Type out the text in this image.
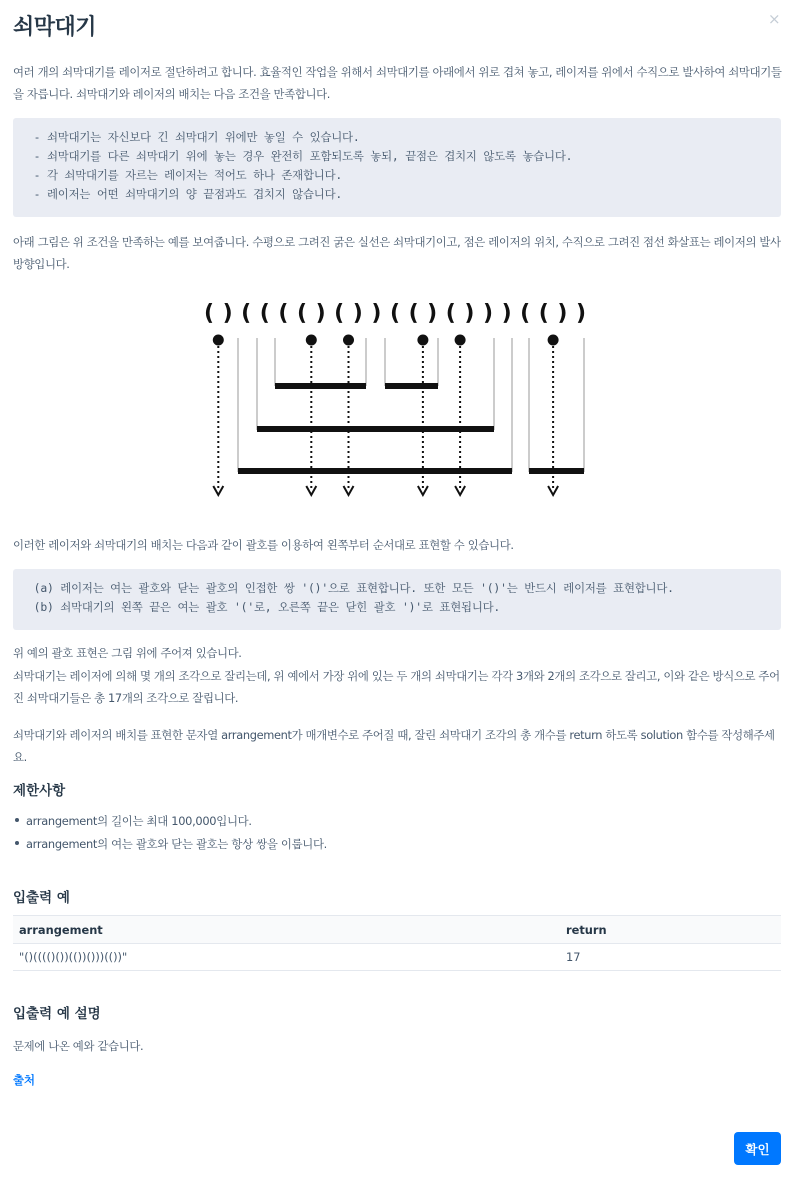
쇠막대기	×
여러 개의 쇠막대기를 레이저로 절단하려고 합니다. 효율적인 작업을 위해서 쇠막대기를 아래에서 위로 겹쳐 놓고, 레이저를 위에서 수직으로 발사하여 쇠막대기들을 자릅니다. 쇠막대기와 레이저의 배치는 다음 조건을 만족합니다.
- 쇠막대기는 자신보다 긴 쇠막대기 위에만 놓일 수 있습니다.
- 쇠막대기를 다른 쇠막대기 위에 놓는 경우 완전히 포함되도록 놓되, 끝점은 겹치지 않도록 놓습니다.
- 각 쇠막대기를 자르는 레이저는 적어도 하나 존재합니다.
- 레이저는 어떤 쇠막대기의 양 끝점과도 겹치지 않습니다.
아래 그림은 위 조건을 만족하는 예를 보여줍니다. 수평으로 그려진 굵은 실선은 쇠막대기이고, 점은 레이저의 위치, 수직으로 그려진 점선 화살표는 레이저의 발사 방향입니다.
( ) ( ( ( ( ) ( ) ) ( ( ) ( ) ) ) ( ( ) )
이러한 레이저와 쇠막대기의 배치는 다음과 같이 괄호를 이용하여 왼쪽부터 순서대로 표현할 수 있습니다.
(a) 레이저는 여는 괄호와 닫는 괄호의 인접한 쌍 '()'으로 표현합니다. 또한 모든 '()'는 반드시 레이저를 표현합니다.
(b) 쇠막대기의 왼쪽 끝은 여는 괄호 '('로, 오른쪽 끝은 닫힌 괄호 ')'로 표현됩니다.
위 예의 괄호 표현은 그림 위에 주어져 있습니다.
쇠막대기는 레이저에 의해 몇 개의 조각으로 잘리는데, 위 예에서 가장 위에 있는 두 개의 쇠막대기는 각각 3개와 2개의 조각으로 잘리고, 이와 같은 방식으로 주어진 쇠막대기들은 총 17개의 조각으로 잘립니다.
쇠막대기와 레이저의 배치를 표현한 문자열 arrangement가 매개변수로 주어질 때, 잘린 쇠막대기 조각의 총 개수를 return 하도록 solution 함수를 작성해주세요.
제한사항
arrangement의 길이는 최대 100,000입니다.
arrangement의 여는 괄호와 닫는 괄호는 항상 쌍을 이룹니다.
입출력 예
arrangement	return
"()(((()())(())()))(())"	17
입출력 예 설명
문제에 나온 예와 같습니다.
출처
확인
